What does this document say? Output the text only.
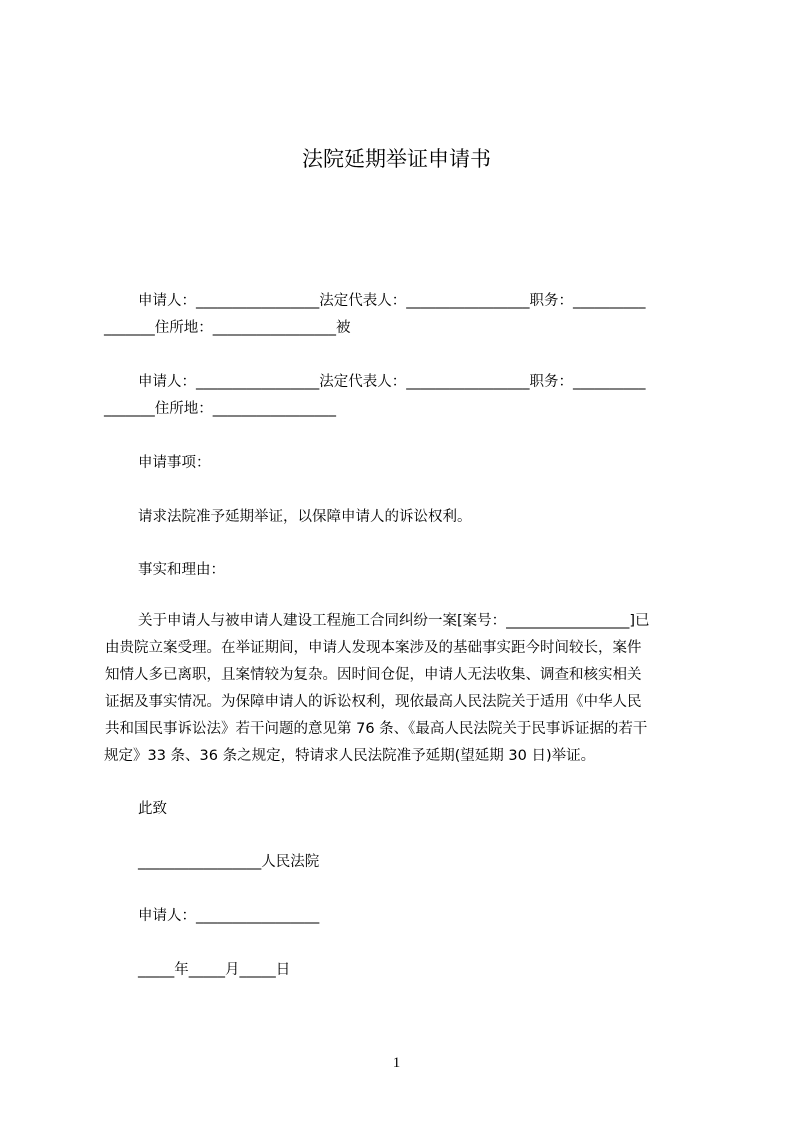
法院延期举证申请书
申请人：_________________法定代表人：_________________职务：__________
_______住所地：_________________被
申请人：_________________法定代表人：_________________职务：__________
_______住所地：_________________
申请事项：
请求法院准予延期举证，以保障申请人的诉讼权利。
事实和理由：
关于申请人与被申请人建设工程施工合同纠纷一案[案号：_________________]已
由贵院立案受理。在举证期间，申请人发现本案涉及的基础事实距今时间较长，案件
知情人多已离职，且案情较为复杂。因时间仓促，申请人无法收集、调查和核实相关
证据及事实情况。为保障申请人的诉讼权利，现依最高人民法院关于适用《中华人民
共和国民事诉讼法》若干问题的意见第 76 条、《最高人民法院关于民事诉证据的若干
规定》33 条、36 条之规定，特请求人民法院准予延期(望延期 30 日)举证。
此致
_________________人民法院
申请人：_________________
_____年_____月_____日
1
